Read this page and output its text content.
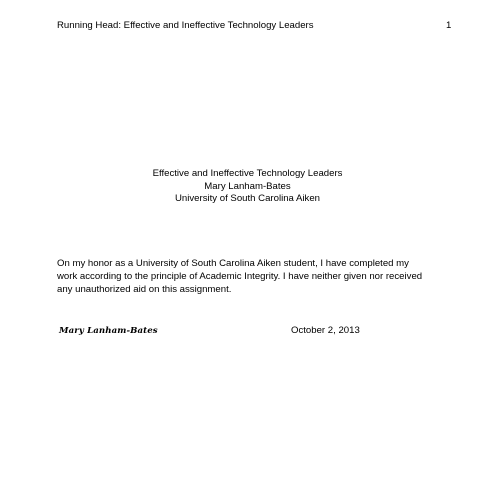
Running Head: Effective and Ineffective Technology Leaders	1
Effective and Ineffective Technology Leaders
Mary Lanham-Bates
University of South Carolina Aiken
On my honor as a University of South Carolina Aiken student, I have completed my
work according to the principle of Academic Integrity. I have neither given nor received
any unauthorized aid on this assignment.
Mary Lanham-Bates	October 2, 2013
